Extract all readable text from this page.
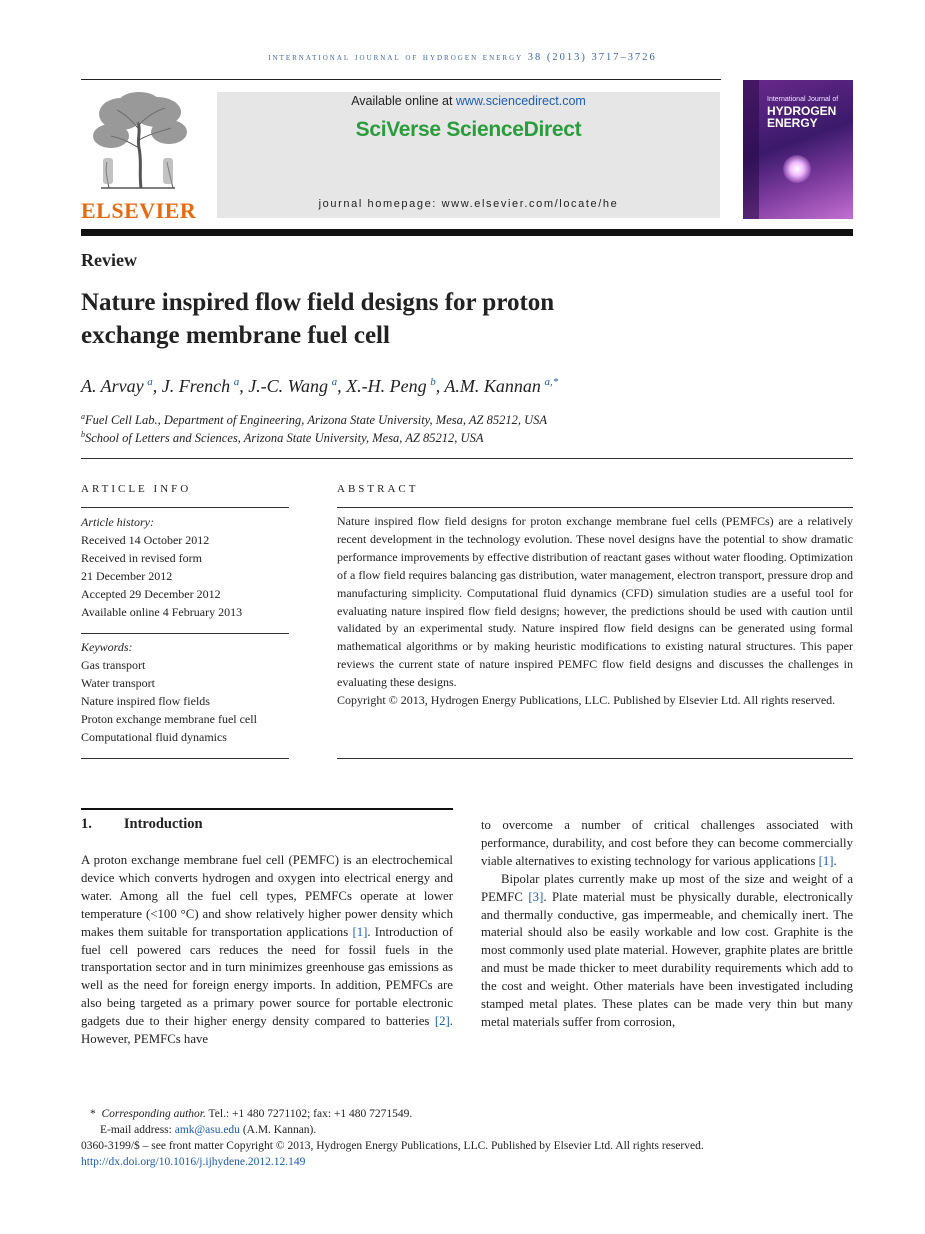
international journal of hydrogen energy 38 (2013) 3717–3726
ELSEVIER
Available online at www.sciencedirect.com
SciVerse ScienceDirect
journal homepage: www.elsevier.com/locate/he
International Journal of
HYDROGEN
ENERGY
Review
Nature inspired flow field designs for proton
exchange membrane fuel cell
A. Arvay  $^a$, J. French  $^a$, J.-C. Wang  $^a$, X.-H. Peng  $^b$, A.M. Kannan  $^{a,*}$
$^a$Fuel Cell Lab., Department of Engineering, Arizona State University, Mesa, AZ 85212, USA
$^b$School of Letters and Sciences, Arizona State University, Mesa, AZ 85212, USA
ARTICLE INFO	ABSTRACT
Article history:
Received 14 October 2012
Received in revised form
21 December 2012
Accepted 29 December 2012
Available online 4 February 2013
Keywords:
Gas transport
Water transport
Nature inspired flow fields
Proton exchange membrane fuel cell
Computational fluid dynamics
Nature inspired flow field designs for proton exchange membrane fuel cells (PEMFCs) are a relatively recent development in the technology evolution. These novel designs have the potential to show dramatic performance improvements by effective distribution of reactant gases without water flooding. Optimization of a flow field requires balancing gas distribution, water management, electron transport, pressure drop and manufacturing simplicity. Computational fluid dynamics (CFD) simulation studies are a useful tool for evaluating nature inspired flow field designs; however, the predictions should be used with caution until validated by an experimental study. Nature inspired flow field designs can be generated using formal mathematical algorithms or by making heuristic modifications to existing natural structures. This paper reviews the current state of nature inspired PEMFC flow field designs and discusses the challenges in evaluating these designs.
Copyright © 2013, Hydrogen Energy Publications, LLC. Published by Elsevier Ltd. All rights reserved.
1. Introduction
A proton exchange membrane fuel cell (PEMFC) is an electrochemical device which converts hydrogen and oxygen into electrical energy and water. Among all the fuel cell types, PEMFCs operate at lower temperature (<100 °C) and show relatively higher power density which makes them suitable for transportation applications [1]. Introduction of fuel cell powered cars reduces the need for fossil fuels in the transportation sector and in turn minimizes greenhouse gas emissions as well as the need for foreign energy imports. In addition, PEMFCs are also being targeted as a primary power source for portable electronic gadgets due to their higher energy density compared to batteries [2]. However, PEMFCs have
to overcome a number of critical challenges associated with performance, durability, and cost before they can become commercially viable alternatives to existing technology for various applications [1].
Bipolar plates currently make up most of the size and weight of a PEMFC [3]. Plate material must be physically durable, electronically and thermally conductive, gas impermeable, and chemically inert. The material should also be easily workable and low cost. Graphite is the most commonly used plate material. However, graphite plates are brittle and must be made thicker to meet durability requirements which add to the cost and weight. Other materials have been investigated including stamped metal plates. These plates can be made very thin but many metal materials suffer from corrosion,
* Corresponding author. Tel.: +1 480 7271102; fax: +1 480 7271549.
E-mail address: amk@asu.edu (A.M. Kannan).
0360-3199/$ – see front matter Copyright © 2013, Hydrogen Energy Publications, LLC. Published by Elsevier Ltd. All rights reserved.
http://dx.doi.org/10.1016/j.ijhydene.2012.12.149
